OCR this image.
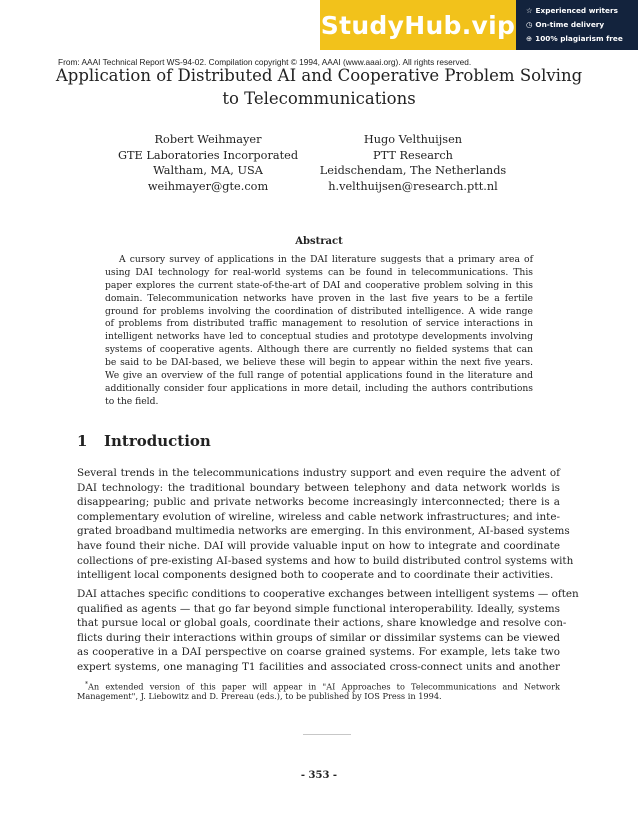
StudyHub.vip ☆ Experienced writers
◷ On-time delivery
⊕ 100% plagiarism free
From: AAAI Technical Report WS-94-02. Compilation copyright © 1994, AAAI (www.aaai.org). All rights reserved.
Application of Distributed AI and Cooperative Problem Solving
to Telecommunications
Robert Weihmayer
GTE Laboratories Incorporated
Waltham, MA, USA
weihmayer@gte.com
Hugo Velthuijsen
PTT Research
Leidschendam, The Netherlands
h.velthuijsen@research.ptt.nl
Abstract
A cursory survey of applications in the DAI literature suggests that a primary area of
using DAI technology for real-world systems can be found in telecommunications. This
paper explores the current state-of-the-art of DAI and cooperative problem solving in this
domain. Telecommunication networks have proven in the last five years to be a fertile
ground for problems involving the coordination of distributed intelligence. A wide range
of problems from distributed traffic management to resolution of service interactions in
intelligent networks have led to conceptual studies and prototype developments involving
systems of cooperative agents. Although there are currently no fielded systems that can
be said to be DAI-based, we believe these will begin to appear within the next five years.
We give an overview of the full range of potential applications found in the literature and
additionally consider four applications in more detail, including the authors contributions
to the field.
1 Introduction
Several trends in the telecommunications industry support and even require the advent of
DAI technology: the traditional boundary between telephony and data network worlds is
disappearing; public and private networks become increasingly interconnected; there is a
complementary evolution of wireline, wireless and cable network infrastructures; and inte-
grated broadband multimedia networks are emerging. In this environment, AI-based systems
have found their niche. DAI will provide valuable input on how to integrate and coordinate
collections of pre-existing AI-based systems and how to build distributed control systems with
intelligent local components designed both to cooperate and to coordinate their activities.
DAI attaches specific conditions to cooperative exchanges between intelligent systems — often
qualified as agents — that go far beyond simple functional interoperability. Ideally, systems
that pursue local or global goals, coordinate their actions, share knowledge and resolve con-
flicts during their interactions within groups of similar or dissimilar systems can be viewed
as cooperative in a DAI perspective on coarse grained systems. For example, lets take two
expert systems, one managing T1 facilities and associated cross-connect units and another
*An extended version of this paper will appear in "AI Approaches to Telecommunications and Network
Management", J. Liebowitz and D. Prereau (eds.), to be published by IOS Press in 1994.
- 353 -
